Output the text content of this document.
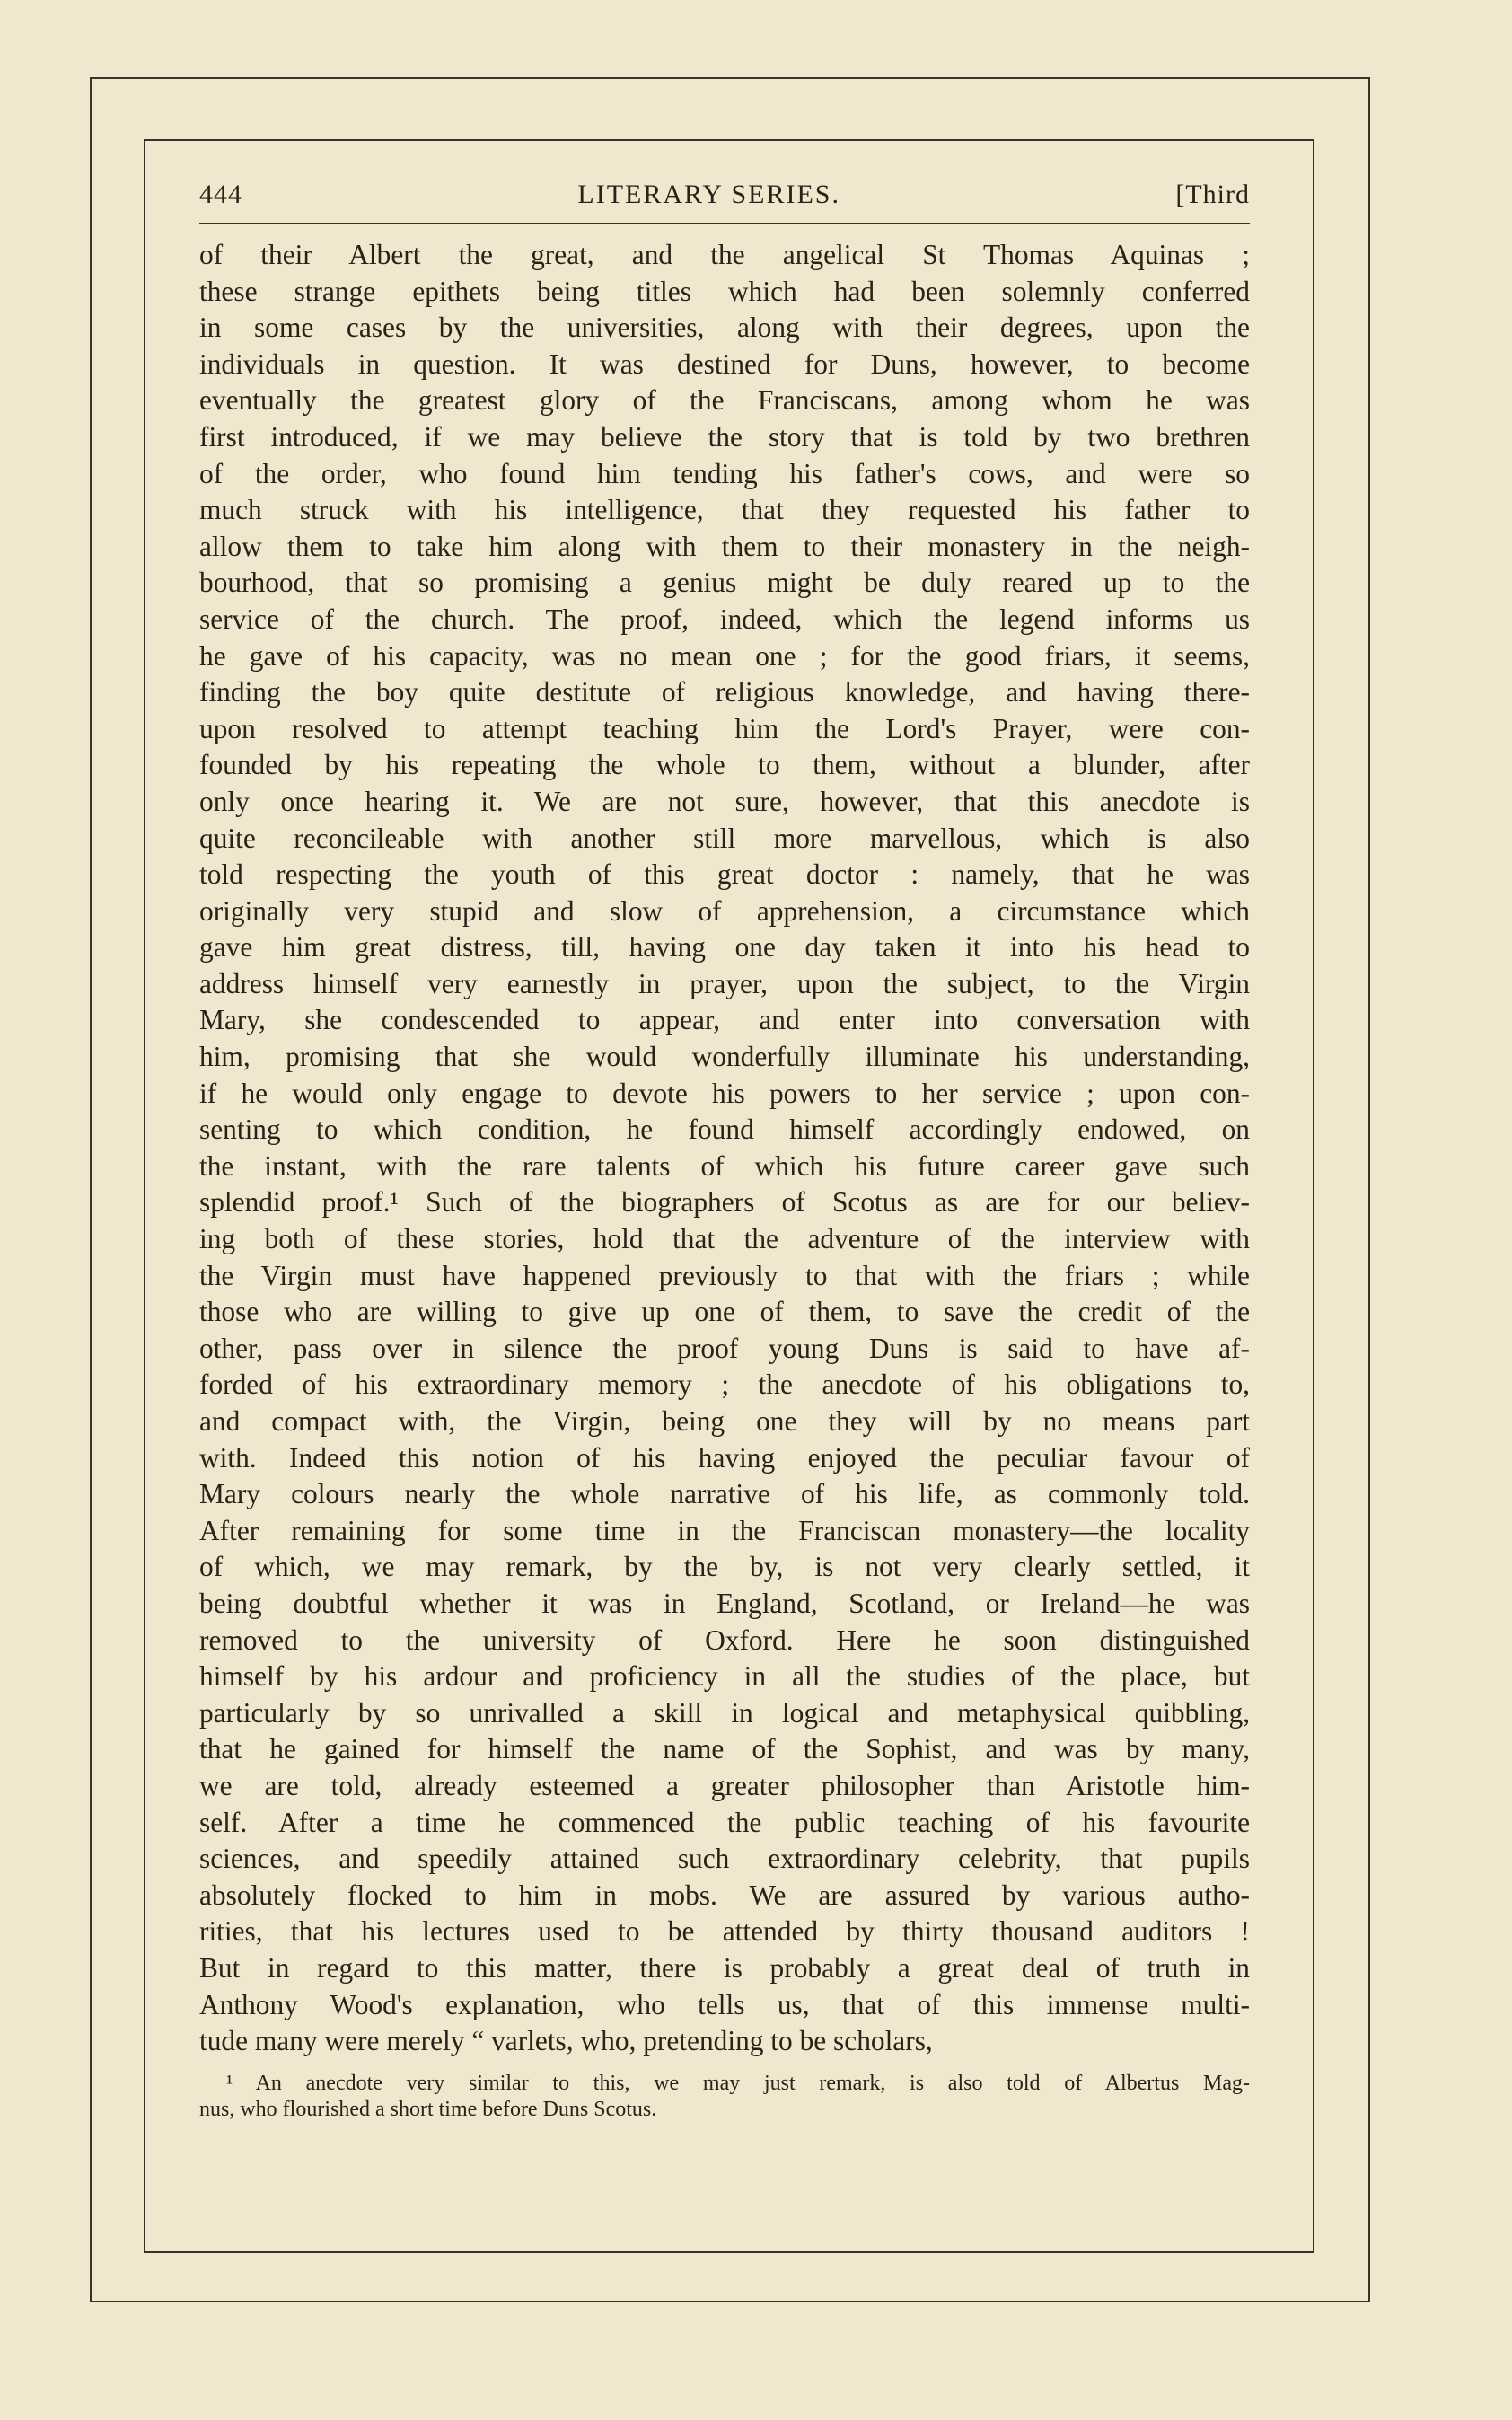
444	LITERARY SERIES.	[Third
of their Albert the great, and the angelical St Thomas Aquinas ;
these strange epithets being titles which had been solemnly conferred
in some cases by the universities, along with their degrees, upon the
individuals in question. It was destined for Duns, however, to become
eventually the greatest glory of the Franciscans, among whom he was
first introduced, if we may believe the story that is told by two brethren
of the order, who found him tending his father's cows, and were so
much struck with his intelligence, that they requested his father to
allow them to take him along with them to their monastery in the neigh-
bourhood, that so promising a genius might be duly reared up to the
service of the church. The proof, indeed, which the legend informs us
he gave of his capacity, was no mean one ; for the good friars, it seems,
finding the boy quite destitute of religious knowledge, and having there-
upon resolved to attempt teaching him the Lord's Prayer, were con-
founded by his repeating the whole to them, without a blunder, after
only once hearing it. We are not sure, however, that this anecdote is
quite reconcileable with another still more marvellous, which is also
told respecting the youth of this great doctor : namely, that he was
originally very stupid and slow of apprehension, a circumstance which
gave him great distress, till, having one day taken it into his head to
address himself very earnestly in prayer, upon the subject, to the Virgin
Mary, she condescended to appear, and enter into conversation with
him, promising that she would wonderfully illuminate his understanding,
if he would only engage to devote his powers to her service ; upon con-
senting to which condition, he found himself accordingly endowed, on
the instant, with the rare talents of which his future career gave such
splendid proof.¹ Such of the biographers of Scotus as are for our believ-
ing both of these stories, hold that the adventure of the interview with
the Virgin must have happened previously to that with the friars ; while
those who are willing to give up one of them, to save the credit of the
other, pass over in silence the proof young Duns is said to have af-
forded of his extraordinary memory ; the anecdote of his obligations to,
and compact with, the Virgin, being one they will by no means part
with. Indeed this notion of his having enjoyed the peculiar favour of
Mary colours nearly the whole narrative of his life, as commonly told.
After remaining for some time in the Franciscan monastery—the locality
of which, we may remark, by the by, is not very clearly settled, it
being doubtful whether it was in England, Scotland, or Ireland—he was
removed to the university of Oxford. Here he soon distinguished
himself by his ardour and proficiency in all the studies of the place, but
particularly by so unrivalled a skill in logical and metaphysical quibbling,
that he gained for himself the name of the Sophist, and was by many,
we are told, already esteemed a greater philosopher than Aristotle him-
self. After a time he commenced the public teaching of his favourite
sciences, and speedily attained such extraordinary celebrity, that pupils
absolutely flocked to him in mobs. We are assured by various autho-
rities, that his lectures used to be attended by thirty thousand auditors !
But in regard to this matter, there is probably a great deal of truth in
Anthony Wood's explanation, who tells us, that of this immense multi-
tude many were merely “ varlets, who, pretending to be scholars,
¹ An anecdote very similar to this, we may just remark, is also told of Albertus Mag-
nus, who flourished a short time before Duns Scotus.
